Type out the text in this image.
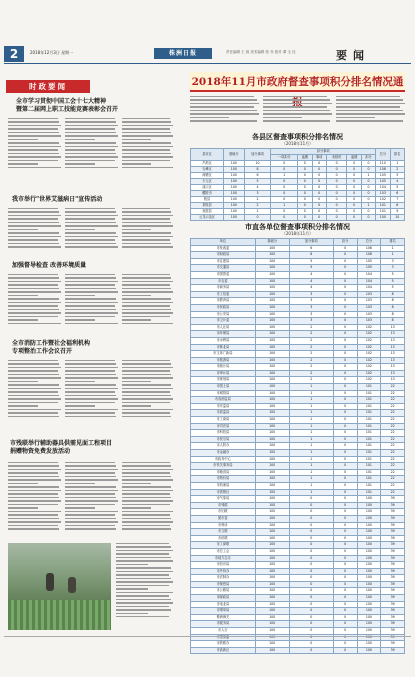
2	2018年12月3日 星期一	株洲日报	责任编辑 王 琼 美术编辑 张 乔 校对 谭 玉 佳	要闻
时政要闻
全市学习贯彻中国工会十七大精神
暨第二届网上职工技能竞赛表彰会召开
我市举行"世界艾滋病日"宣传活动
加强督导检查 改善环境质量
全市消防工作暨社会福利机构
专项整治工作会议召开
市残联举行辅助器具供需见面工程项目
捐赠物资免费发放活动
2018年11月市政府督查事项积分排名情况通
各县区督查事项积分排名情况
（2018年11月）
县市区	基础分	加分事项	扣分事项						总分	排名
			一项扣分	逾期	事项	未按时	逾期	扣分		
芦淞区	100	10	0	0	0	0	0	0	110	1
石峰区	100	8	0	0	0	0	0	0	108	2
荷塘区	100	6	1	0	0	0	0	1	105	3
天元区	100	5	0	0	0	0	0	0	105	4
渌口区	100	4	0	0	0	0	0	0	104	5
醴陵市	100	3	0	0	0	0	0	0	103	6
攸县	100	2	0	0	0	0	0	0	102	7
茶陵县	100	2	1	0	0	0	0	1	101	8
炎陵县	100	1	0	0	0	0	0	0	101	9
云龙示范区	100	0	0	0	0	0	0	0	100	10
市直各单位督查事项积分排名情况
（2018年11月）
单位	基础分	加分事项	扣分	总分	排名
市发改委	100	6	0	106	1
市财政局	100	6	0	106	1
市住建局	100	5	0	105	3
市交通局	100	5	0	105	3
市国资委	100	4	0	104	5
市农委	100	4	0	104	5
市商务局	100	4	0	104	5
市工信委	100	3	0	103	8
市教育局	100	3	0	103	8
市民政局	100	3	0	103	8
市公安局	100	3	0	103	8
市卫计委	100	3	0	103	8
市人社局	100	2	0	102	13
市环保局	100	2	0	102	13
市水利局	100	2	0	102	13
市林业局	100	2	0	102	13
市文体广新局	100	2	0	102	13
市旅游局	100	2	0	102	13
市统计局	100	2	0	102	13
市审计局	100	2	0	102	13
市规划局	100	2	0	102	13
市国土局	100	1	0	101	22
市城管局	100	1	0	101	22
市食药监局	100	1	0	101	22
市安监局	100	1	0	101	22
市质监局	100	1	0	101	22
市工商局	100	1	0	101	22
市司法局	100	1	0	101	22
市科技局	100	1	0	101	22
市民宗局	100	1	0	101	22
市人防办	100	1	0	101	22
市金融办	100	1	0	101	22
市政务中心	100	1	0	101	22
市机关事务局	100	1	0	101	22
市粮食局	100	1	0	101	22
市物价局	100	1	0	101	22
市档案局	100	1	0	101	22
市供销社	100	1	0	101	22
市气象局	100	0	0	100	39
市残联	100	0	0	100	39
市妇联	100	0	0	100	39
团市委	100	0	0	100	39
市科协	100	0	0	100	39
市文联	100	0	0	100	39
市侨联	100	0	0	100	39
市工商联	100	0	0	100	39
市总工会	100	0	0	100	39
市地方志办	100	0	0	100	39
市信访局	100	0	0	100	39
市外侨办	100	0	0	100	39
市法制办	100	0	0	100	39
市保密局	100	0	0	100	39
市公路局	100	0	0	100	39
市邮政局	100	0	0	100	39
市电业局	100	0	0	100	39
市烟草局	100	0	0	100	39
株洲海关	100	0	0	100	39
市税务局	100	0	0	100	39
市人行	100	0	0	100	39

市铁路办	100	0	0	100	39
市高新区	100	0	0	100	39
